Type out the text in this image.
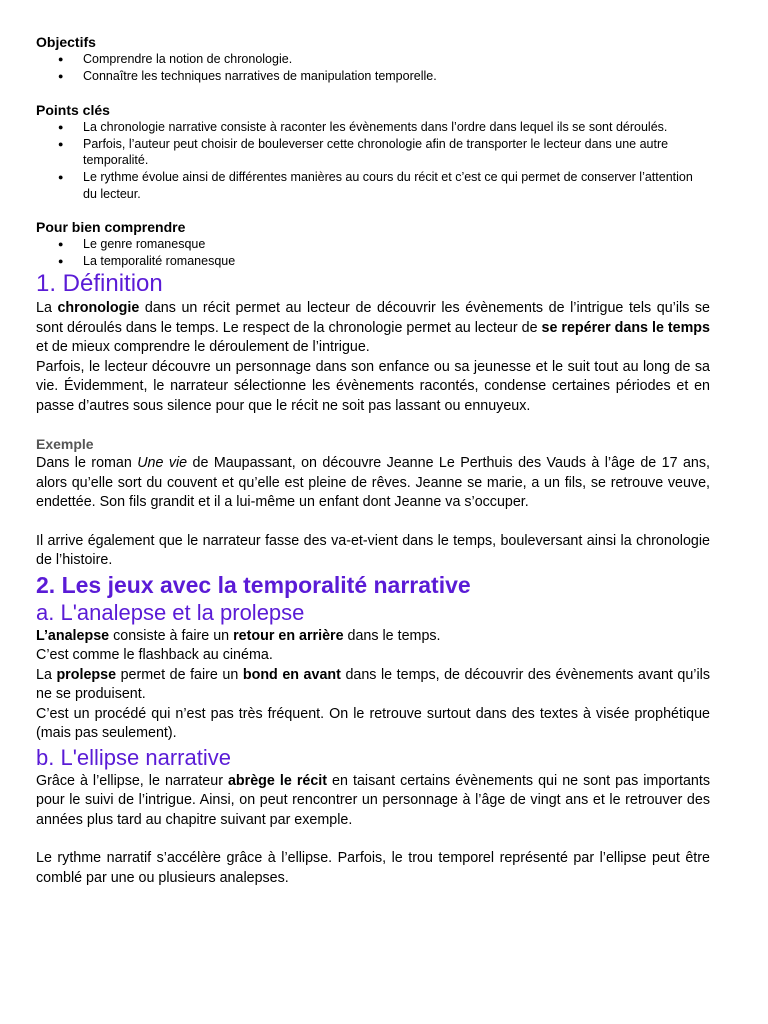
Objectifs

● Comprendre la notion de chronologie.
● Connaître les techniques narratives de manipulation temporelle.

Points clés

● La chronologie narrative consiste à raconter les évènements dans l’ordre dans lequel ils se sont déroulés.
● Parfois, l’auteur peut choisir de bouleverser cette chronologie afin de transporter le lecteur dans une autre temporalité.
● Le rythme évolue ainsi de différentes manières au cours du récit et c’est ce qui permet de conserver l’attention du lecteur.

Pour bien comprendre

● Le genre romanesque
● La temporalité romanesque
1. Définition

La chronologie dans un récit permet au lecteur de découvrir les évènements de l’intrigue tels qu’ils se sont déroulés dans le temps. Le respect de la chronologie permet au lecteur de se repérer dans le temps et de mieux comprendre le déroulement de l’intrigue.

Parfois, le lecteur découvre un personnage dans son enfance ou sa jeunesse et le suit tout au long de sa vie. Évidemment, le narrateur sélectionne les évènements racontés, condense certaines périodes et en passe d’autres sous silence pour que le récit ne soit pas lassant ou ennuyeux.

Exemple

Dans le roman Une vie de Maupassant, on découvre Jeanne Le Perthuis des Vauds à l’âge de 17 ans, alors qu’elle sort du couvent et qu’elle est pleine de rêves. Jeanne se marie, a un fils, se retrouve veuve, endettée. Son fils grandit et il a lui-même un enfant dont Jeanne va s’occuper.

Il arrive également que le narrateur fasse des va-et-vient dans le temps, bouleversant ainsi la chronologie de l’histoire.

2. Les jeux avec la temporalité narrative
a. L'analepse et la prolepse

L’analepse consiste à faire un retour en arrière dans le temps.

C’est comme le flashback au cinéma.

La prolepse permet de faire un bond en avant dans le temps, de découvrir des évènements avant qu’ils ne se produisent.

C’est un procédé qui n’est pas très fréquent. On le retrouve surtout dans des textes à visée prophétique (mais pas seulement).

b. L'ellipse narrative

Grâce à l’ellipse, le narrateur abrège le récit en taisant certains évènements qui ne sont pas importants pour le suivi de l’intrigue. Ainsi, on peut rencontrer un personnage à l’âge de vingt ans et le retrouver des années plus tard au chapitre suivant par exemple.

Le rythme narratif s’accélère grâce à l’ellipse. Parfois, le trou temporel représenté par l’ellipse peut être comblé par une ou plusieurs analepses.
